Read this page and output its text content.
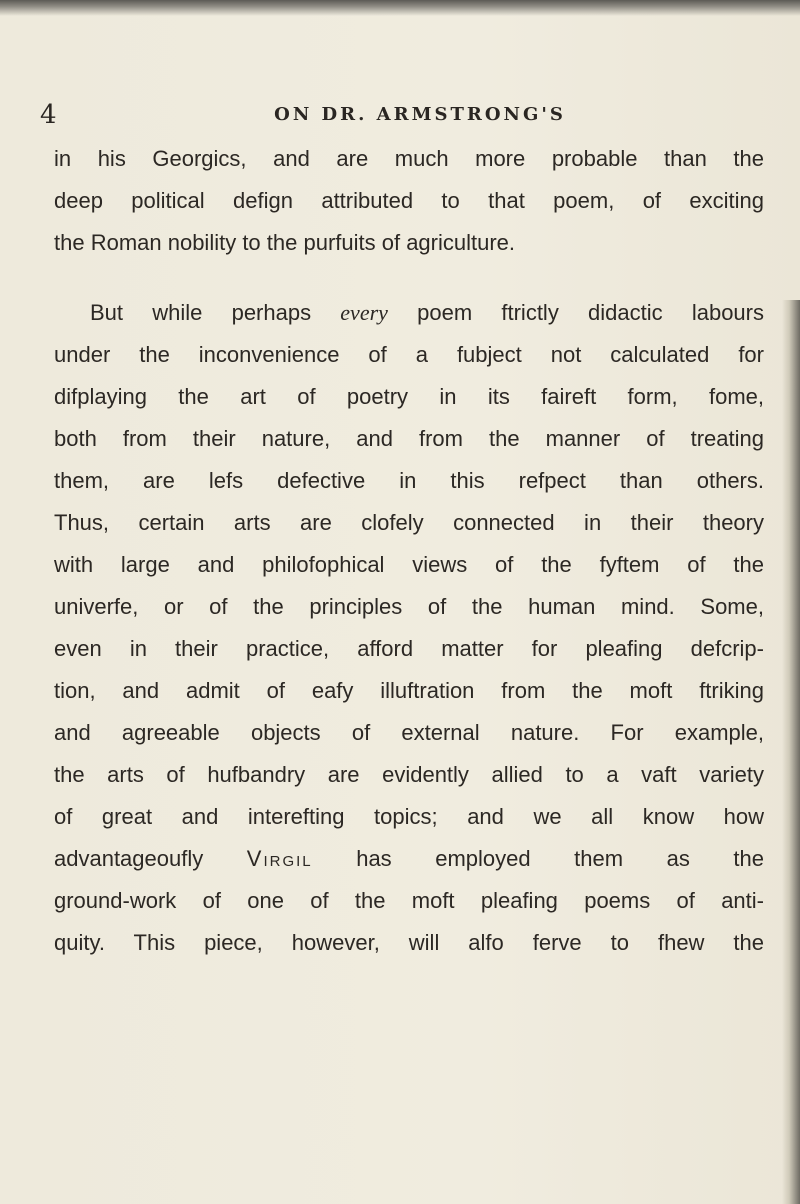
4	ON DR. ARMSTRONG'S
in his Georgics, and are much more probable than the
deep political defign attributed to that poem, of exciting
the Roman nobility to the purfuits of agriculture.
But while perhaps every poem ftrictly didactic labours
under the inconvenience of a fubject not calculated for
difplaying the art of poetry in its faireft form, fome,
both from their nature, and from the manner of treating
them, are lefs defective in this refpect than others.
Thus, certain arts are clofely connected in their theory
with large and philofophical views of the fyftem of the
univerfe, or of the principles of the human mind. Some,
even in their practice, afford matter for pleafing defcrip-
tion, and admit of eafy illuftration from the moft ftriking
and agreeable objects of external nature. For example,
the arts of hufbandry are evidently allied to a vaft variety
of great and interefting topics; and we all know how
advantageoufly Virgil has employed them as the
ground-work of one of the moft pleafing poems of anti-
quity. This piece, however, will alfo ferve to fhew the
